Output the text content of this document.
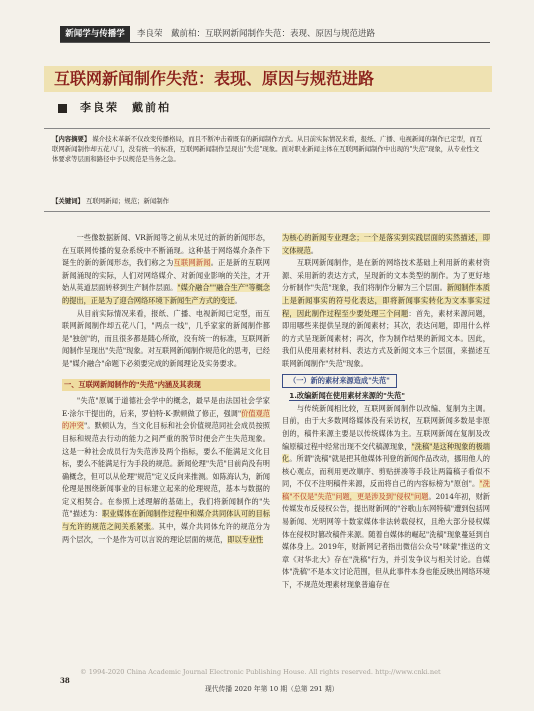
新闻学与传播学	李良荣　戴前柏：互联网新闻制作失范：表现、原因与规范进路
互联网新闻制作失范：表现、原因与规范进路
李良荣　戴前柏

【内容摘要】 媒介技术革新不仅改变传播格局，而且不断冲击着既有的新闻制作方式。从目前实际情况来看，报纸、广播、电视新闻的制作已定型，而互联网新闻制作却五花八门，没有统一的标准，互联网新闻制作呈现出"失范"现象。面对职业新闻主体在互联网新闻制作中出现的"失范"现象，从专业性文体要求等层面和路径中予以规范是当务之急。

【关键词】 互联网新闻；规范；新闻制作

　　一些像数据新闻、VR新闻等之前从未见过的新的新闻形态，在互联网传播的复杂系统中不断涌现。这种基于网络媒介条件下诞生的新的新闻形态，我们称之为互联网新闻。正是新的互联网新闻涌现的实际，人们对网络媒介、对新闻业影响的关注，才开始从英道层面转移到生产制作层面。"媒介融合""融合生产"等概念的提出，正是为了迎合网络环境下新闻生产方式的变迁。

　　从目前实际情况来看，报纸、广播、电视新闻已定型，而互联网新闻制作却五花八门，"两点一线"，几乎家家的新闻制作都是"独创"的，而且很多都是随心所欲，没有统一的标准，互联网新闻制作呈现出"失范"现象。对互联网新闻制作规范化的思考，已经是"媒介融合"命题下必须要完成的新闻理论及实务要求。

一、互联网新闻制作的"失范"内涵及其表现

　　"失范"原属于道德社会学中的概念，最早是由法国社会学家E·涂尔干提出的，后来，罗伯特·K·默顿做了修正，强调"价值观范的冲突"。默顿认为，当文化目标和社会价值规范同社会成员按照目标和规范去行动的能力之间严重的脱节时便会产生失范现象。这是一种社会成员行为失范涉及两个指标，要么不能满足文化目标，要么不能满足行为手段的规范。新闻伦理"失范"目前尚没有明确概念，但可以从伦理"规范"定义反向来推测。如陈海认为，新闻伦理是围绕新闻事业的目标建立起来的伦理规范，基本与数据的定义相契合。在参照上述理解的基础上，我们将新闻制作的"失范"描述为：职业媒体在新闻制作过程中和媒介共同体认可的目标与允许的规范之间关系紧张。其中，媒介共同体允许的规范分为两个层次，一个是作为可以言说的理论层面的规范，即以专业性

为核心的新闻专业理念；一个是落实到实践层面的实然描述，即文体规范。

　　互联网新闻制作，是在新的网络技术基础上利用新的素材资源、采用新的表达方式，呈现新的文本类型的制作。为了更好地分析制作"失范"现象，我们将制作分解为三个层面。新闻制作本质上是新闻事实的符号化表达，即将新闻事实转化为文本事实过程，因此制作过程至少要处理三个问题：首先，素材来源问题，即用哪些来提供呈现的新闻素材；其次，表达问题，即用什么样的方式呈现新闻素材；再次，作为制作结果的新闻文本。因此，我们从使用素材材料、表达方式及新闻文本三个层面，来描述互联网新闻制作"失范"现象。

（一）新的素材来源造成"失范"

　1.改编新闻在使用素材来源的"失范"

　　与传统新闻相比较，互联网新闻制作以改编、复制为主调。目前，由于大多数网络媒体没有采访权，互联网新闻多数是非原创的，稿件来源主要是以传统媒体为主。互联网新闻在复制及改编原稿过程中经常出现不交代稿源现象，"洗稿"是这种现象的极端化。所谓"洗稿"就是把其他媒体刊登的新闻作品改动，挪用他人的核心观点，而利用更改顺序、剪贴拼凑等手段让两篇稿子看似不同，不仅不注明稿件来源，反而将自己的内容标榜为"原创"。"洗稿"不仅是"失范"问题，更是涉及到"侵权"问题。2014年初，财新传媒发布反侵权公告，提出财新网的"谷歌山东网特稿"遭到包括网易新闻、光明网等十数家媒体非法转载侵权，且绝大部分侵权媒体在侵权时篡改稿件来源。随着自媒体的崛起"洗稿"现象蔓延到自媒体身上。2019年，财新网记者指出微信公众号"咪蒙"推送的文章《对华北大》存在"洗稿"行为，并引发争议与相关讨论。自媒体"洗稿"不是本文讨论范围，但从此事件本身也能反映出网络环境下，不规范处理素材现象普遍存在

© 1994-2020 China Academic Journal Electronic Publishing House. All rights reserved. http://www.cnki.net
38
现代传播 2020 年第 10 期（总第 291 期）
